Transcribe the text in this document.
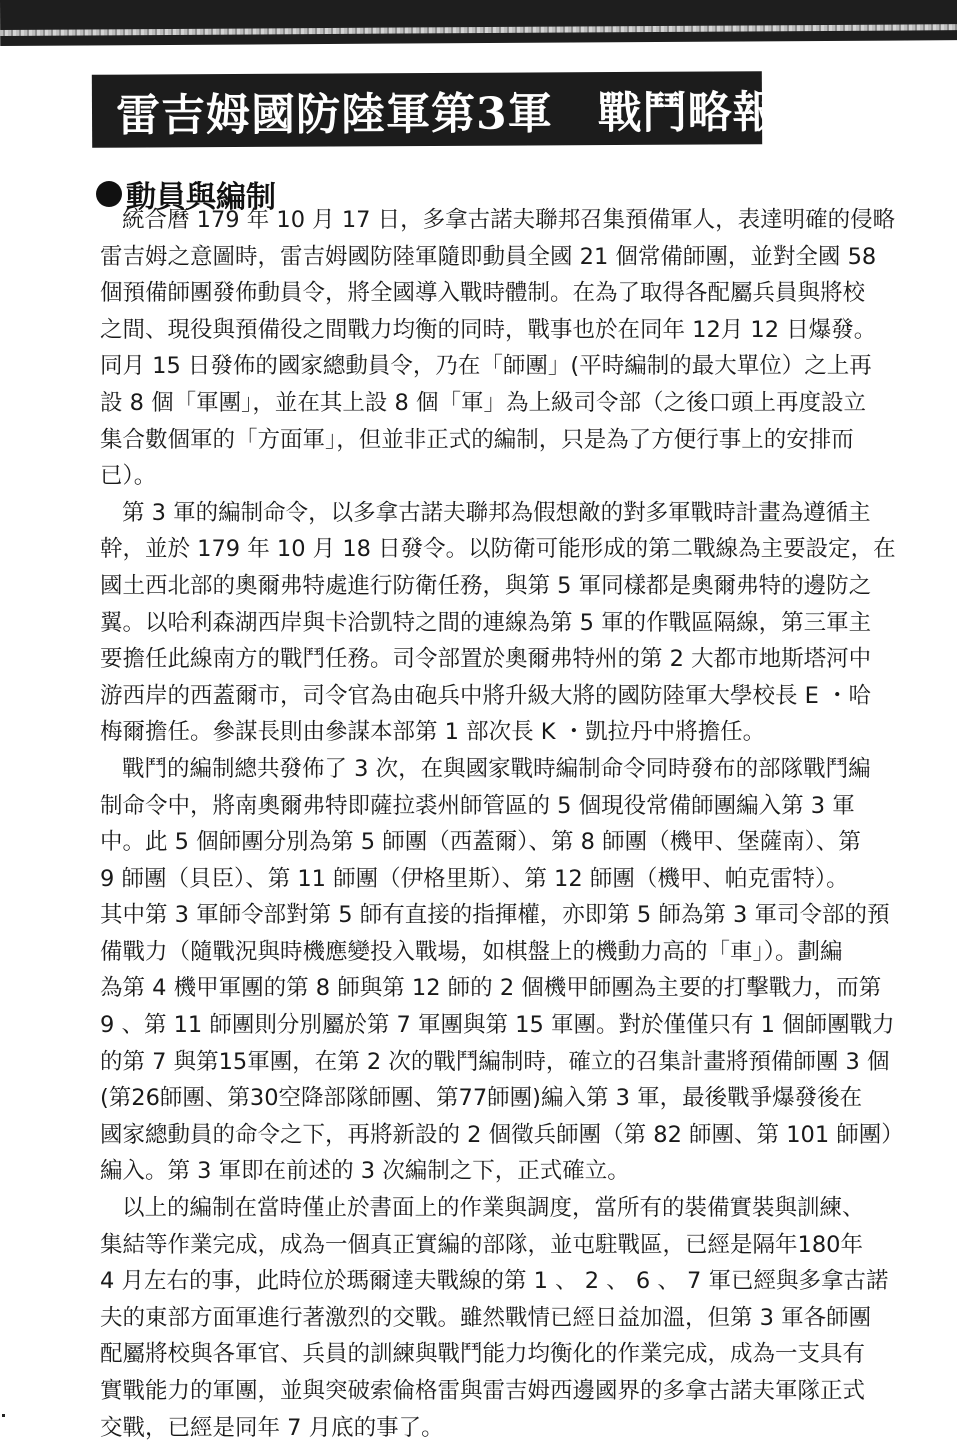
雷吉姆國防陸軍第3軍　戰鬥略報
動員與編制
統合曆 179 年 10 月 17 日，多拿古諾夫聯邦召集預備軍人，表達明確的侵略
雷吉姆之意圖時，雷吉姆國防陸軍隨即動員全國 21 個常備師團，並對全國 58
個預備師團發佈動員令，將全國導入戰時體制。在為了取得各配屬兵員與將校
之間、現役與預備役之間戰力均衡的同時，戰事也於在同年 12月 12 日爆發。
同月 15 日發佈的國家總動員令，乃在「師團」(平時編制的最大單位）之上再
設 8 個「軍團」，並在其上設 8 個「軍」為上級司令部（之後口頭上再度設立
集合數個軍的「方面軍」，但並非正式的編制，只是為了方便行事上的安排而
已）。
第 3 軍的編制命令，以多拿古諾夫聯邦為假想敵的對多軍戰時計畫為遵循主
幹，並於 179 年 10 月 18 日發令。以防衛可能形成的第二戰線為主要設定，在
國土西北部的奧爾弗特處進行防衛任務，與第 5 軍同樣都是奧爾弗特的邊防之
翼。以哈利森湖西岸與卡洽凱特之間的連線為第 5 軍的作戰區隔線，第三軍主
要擔任此線南方的戰鬥任務。司令部置於奧爾弗特州的第 2 大都市地斯塔河中
游西岸的西蓋爾市，司令官為由砲兵中將升級大將的國防陸軍大學校長 E ・哈
梅爾擔任。參謀長則由參謀本部第 1 部次長 K ・凱拉丹中將擔任。
戰鬥的編制總共發佈了 3 次，在與國家戰時編制命令同時發布的部隊戰鬥編
制命令中，將南奧爾弗特即薩拉裘州師管區的 5 個現役常備師團編入第 3 軍
中。此 5 個師團分別為第 5 師團（西蓋爾）、第 8 師團（機甲、堡薩南）、第
9 師團（貝臣）、第 11 師團（伊格里斯）、第 12 師團（機甲、帕克雷特）。
其中第 3 軍師令部對第 5 師有直接的指揮權，亦即第 5 師為第 3 軍司令部的預
備戰力（隨戰況與時機應變投入戰場，如棋盤上的機動力高的「車」）。劃編
為第 4 機甲軍團的第 8 師與第 12 師的 2 個機甲師團為主要的打擊戰力，而第
9 、第 11 師團則分別屬於第 7 軍團與第 15 軍團。對於僅僅只有 1 個師團戰力
的第 7 與第15軍團，在第 2 次的戰鬥編制時，確立的召集計畫將預備師團 3 個
(第26師團、第30空降部隊師團、第77師團)編入第 3 軍，最後戰爭爆發後在
國家總動員的命令之下，再將新設的 2 個徵兵師團（第 82 師團、第 101 師團）
編入。第 3 軍即在前述的 3 次編制之下，正式確立。
以上的編制在當時僅止於書面上的作業與調度，當所有的裝備實裝與訓練、
集結等作業完成，成為一個真正實編的部隊，並屯駐戰區，已經是隔年180年
4 月左右的事，此時位於瑪爾達夫戰線的第 1 、 2 、 6 、 7 軍已經與多拿古諾
夫的東部方面軍進行著激烈的交戰。雖然戰情已經日益加溫，但第 3 軍各師團
配屬將校與各軍官、兵員的訓練與戰鬥能力均衡化的作業完成，成為一支具有
實戰能力的軍團，並與突破索倫格雷與雷吉姆西邊國界的多拿古諾夫軍隊正式
交戰，已經是同年 7 月底的事了。
